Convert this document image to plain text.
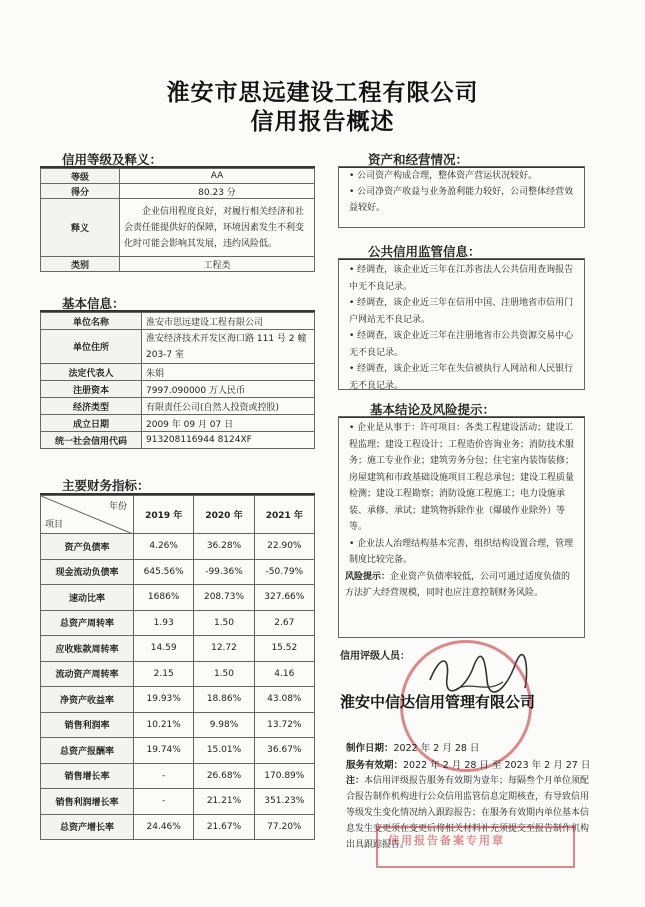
淮安市思远建设工程有限公司
信用报告概述
信用等级及释义：
等级	AA
得分	80.23 分
释义	企业信用程度良好，对履行相关经济和社会责任能提供好的保障，环境因素发生不利变化时可能会影响其发展，违约风险低。
类别	工程类
基本信息：
单位名称	淮安市思远建设工程有限公司
单位住所	淮安经济技术开发区海口路 111 号 2 幢 203-7 室
法定代表人	朱娟
注册资本	7997.090000 万人民币
经济类型	有限责任公司(自然人投资或控股)
成立日期	2009 年 09 月 07 日
统一社会信用代码	913208116944 8124XF
主要财务指标：
年份
项目	2019 年	2020 年	2021 年
资产负债率	4.26%	36.28%	22.90%
现金流动负债率	645.56%	-99.36%	-50.79%
速动比率	1686%	208.73%	327.66%
总资产周转率	1.93	1.50	2.67
应收账款周转率	14.59	12.72	15.52
流动资产周转率	2.15	1.50	4.16
净资产收益率	19.93%	18.86%	43.08%
销售利润率	10.21%	9.98%	13.72%
总资产报酬率	19.74%	15.01%	36.67%
销售增长率	-	26.68%	170.89%
销售利润增长率	-	21.21%	351.23%
总资产增长率	24.46%	21.67%	77.20%
资产和经营情况：

• 公司资产构成合理，整体资产营运状况较好。

• 公司净资产收益与业务盈利能力较好，公司整体经营效益较好。

公共信用监管信息：

• 经调查，该企业近三年在江苏省法人公共信用查询报告中无不良记录。

• 经调查，该企业近三年在信用中国、注册地省市信用门户网站无不良记录。

• 经调查，该企业近三年在注册地省市公共资源交易中心无不良记录。

• 经调查，该企业近三年在失信被执行人网站和人民银行无不良记录。

基本结论及风险提示：

• 企业是从事于：许可项目：各类工程建设活动；建设工程监理；建设工程设计；工程造价咨询业务；消防技术服务；施工专业作业；建筑劳务分包；住宅室内装饰装修；房屋建筑和市政基础设施项目工程总承包；建设工程质量检测；建设工程勘察；消防设施工程施工；电力设施承装、承修、承试；建筑物拆除作业（爆破作业除外）等等。

• 企业法人治理结构基本完善，组织结构设置合理，管理制度比较完备。

风险提示：企业资产负债率较低，公司可通过适度负债的方法扩大经营规模，同时也应注意控制财务风险。

信用评级人员：
淮安中信达信用管理有限公司
制作日期：2022 年 2 月 28 日
服务有效期：2022 年 2 月 28 日 至 2023 年 2 月 27 日
注：本信用评级报告服务有效期为壹年；每隔叁个月单位须配合报告制作机构进行公众信用监管信息定期核查，有导致信用等级发生变化情况纳入跟踪报告；在服务有效期内单位基本信息发生变更须在变更后将相关材料补充须提交至报告制作机构出具跟踪报告。
信用报告备案专用章
